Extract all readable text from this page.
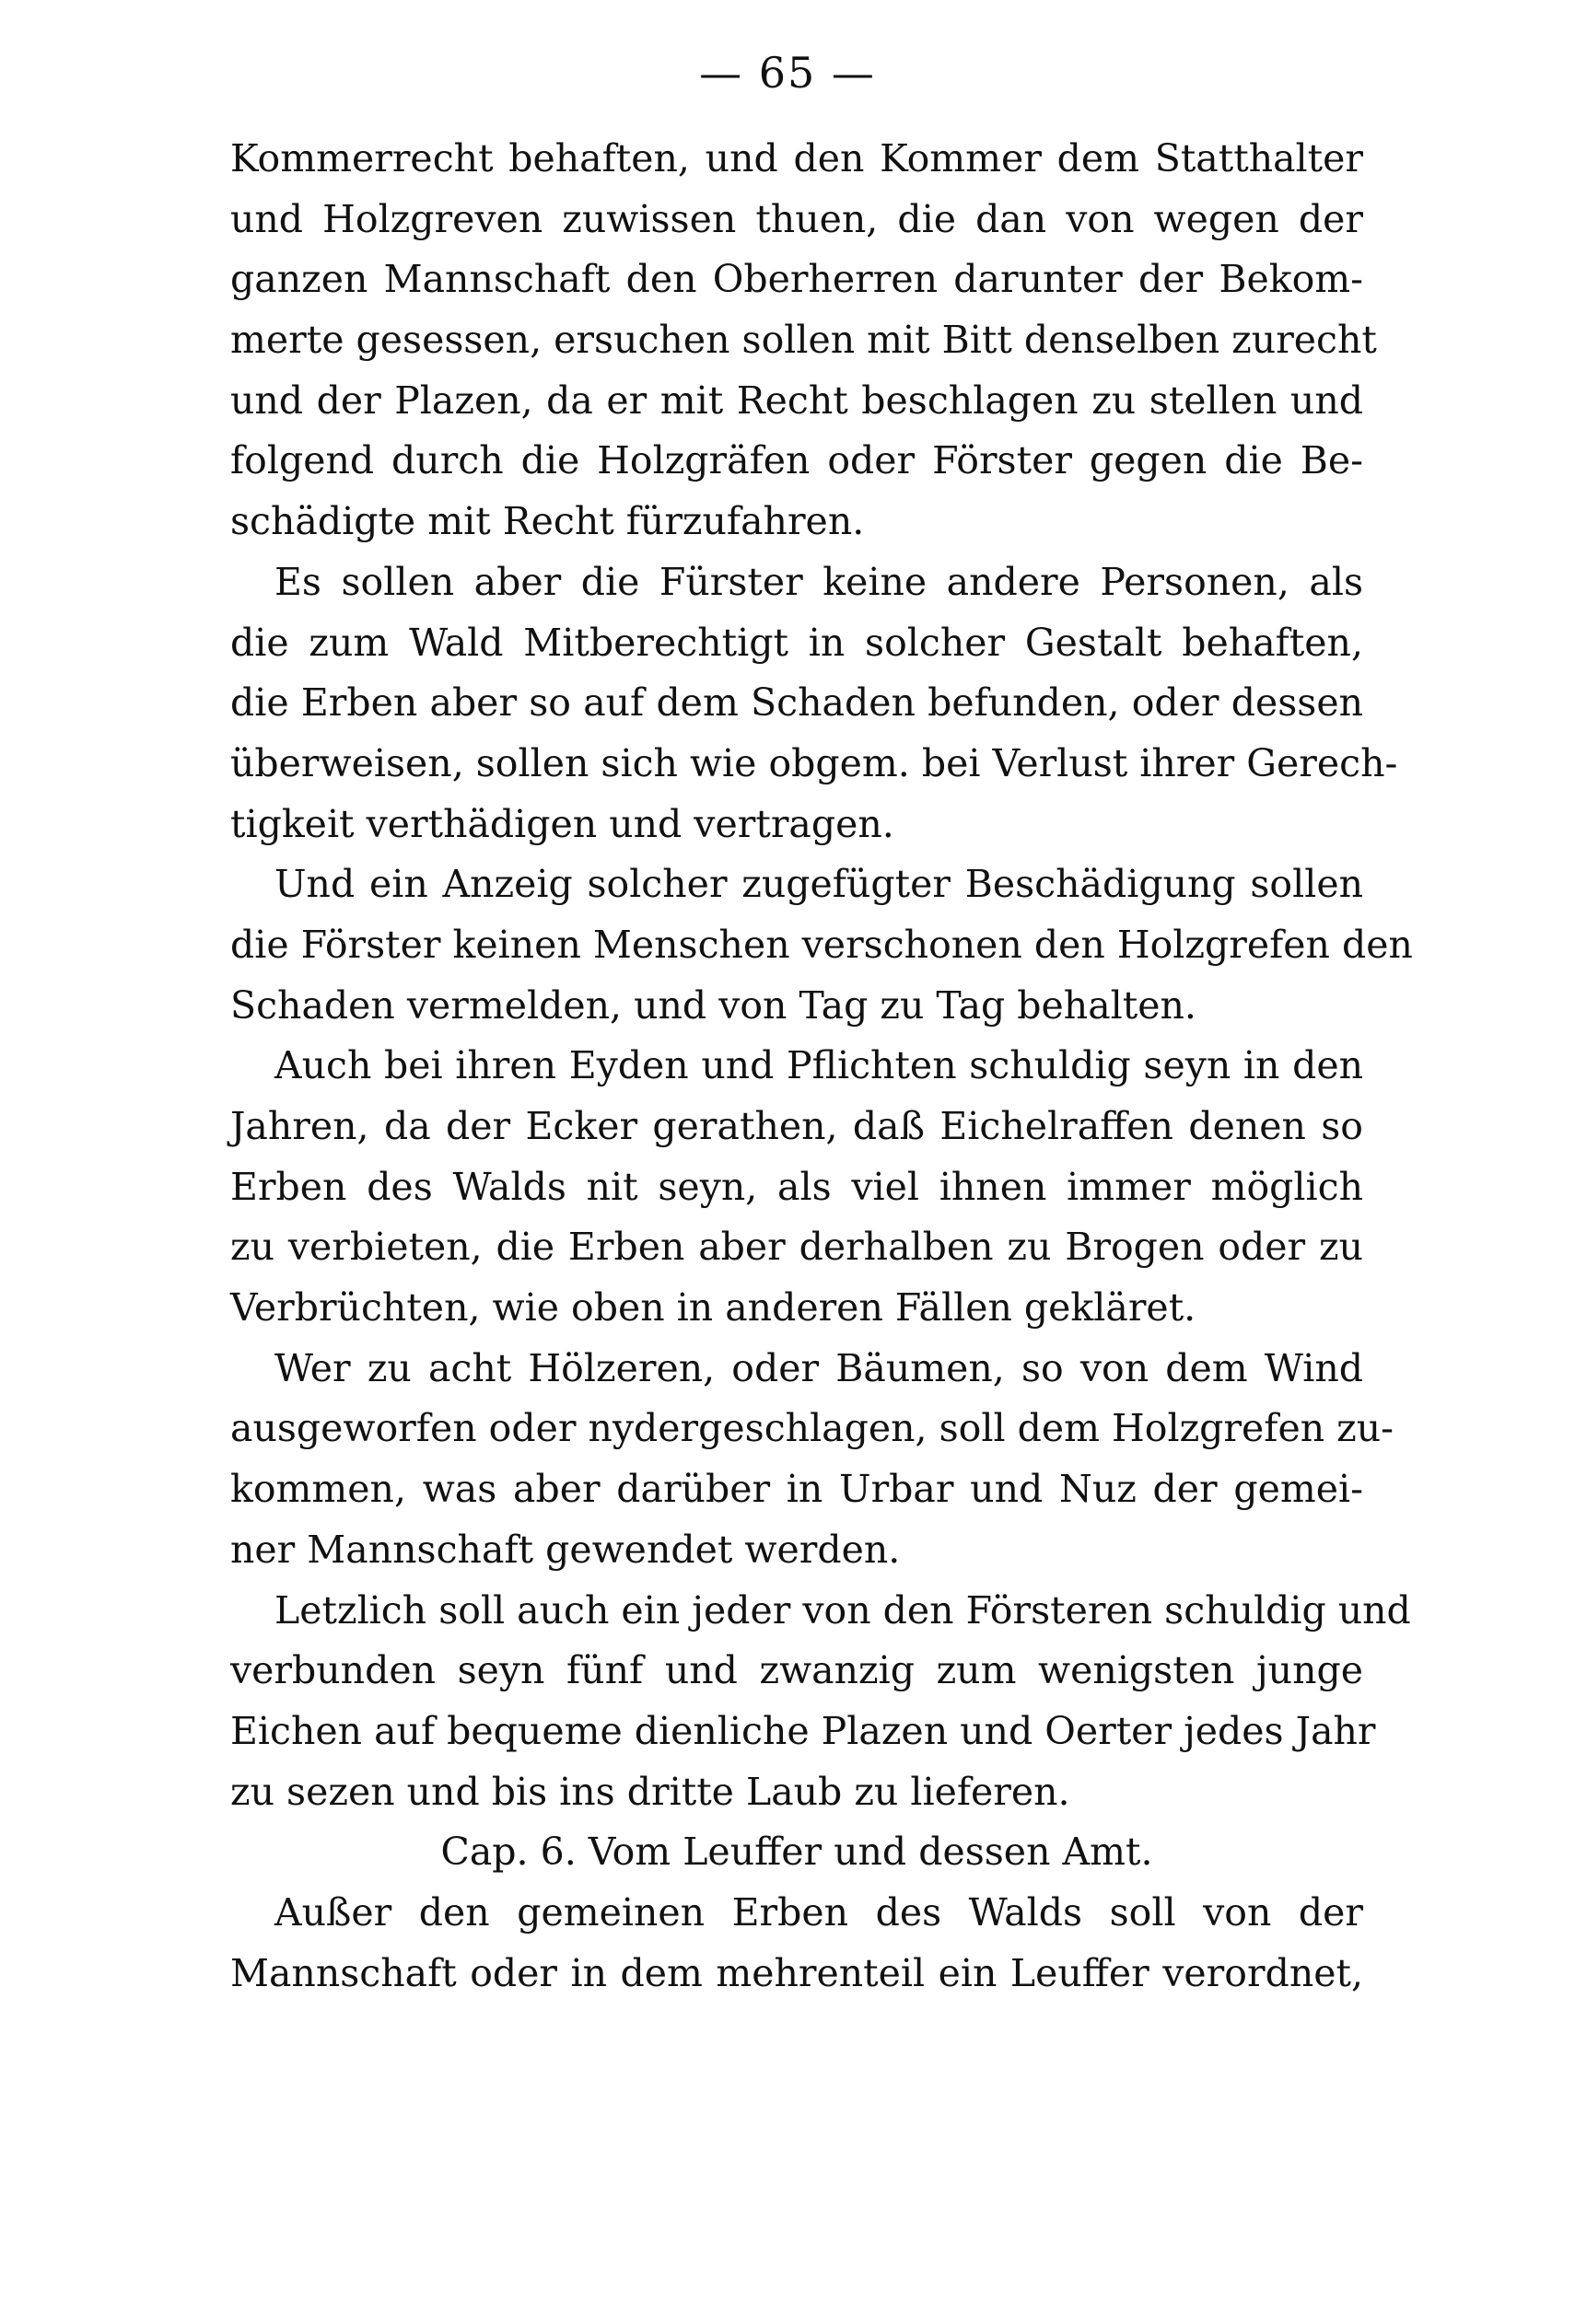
— 65 —
Kommerrecht behaften, und den Kommer dem Statthalter
und Holzgreven zuwissen thuen, die dan von wegen der
ganzen Mannschaft den Oberherren darunter der Bekom-
merte gesessen, ersuchen sollen mit Bitt denselben zurecht
und der Plazen, da er mit Recht beschlagen zu stellen und
folgend durch die Holzgräfen oder Förster gegen die Be-
schädigte mit Recht fürzufahren.
Es sollen aber die Fürster keine andere Personen, als
die zum Wald Mitberechtigt in solcher Gestalt behaften,
die Erben aber so auf dem Schaden befunden, oder dessen
überweisen, sollen sich wie obgem. bei Verlust ihrer Gerech-
tigkeit verthädigen und vertragen.
Und ein Anzeig solcher zugefügter Beschädigung sollen
die Förster keinen Menschen verschonen den Holzgrefen den
Schaden vermelden, und von Tag zu Tag behalten.
Auch bei ihren Eyden und Pflichten schuldig seyn in den
Jahren, da der Ecker gerathen, daß Eichelraffen denen so
Erben des Walds nit seyn, als viel ihnen immer möglich
zu verbieten, die Erben aber derhalben zu Brogen oder zu
Verbrüchten, wie oben in anderen Fällen gekläret.
Wer zu acht Hölzeren, oder Bäumen, so von dem Wind
ausgeworfen oder nydergeschlagen, soll dem Holzgrefen zu-
kommen, was aber darüber in Urbar und Nuz der gemei-
ner Mannschaft gewendet werden.
Letzlich soll auch ein jeder von den Försteren schuldig und
verbunden seyn fünf und zwanzig zum wenigsten junge
Eichen auf bequeme dienliche Plazen und Oerter jedes Jahr
zu sezen und bis ins dritte Laub zu lieferen.
Cap. 6. Vom Leuffer und dessen Amt.
Außer den gemeinen Erben des Walds soll von der
Mannschaft oder in dem mehrenteil ein Leuffer verordnet,
